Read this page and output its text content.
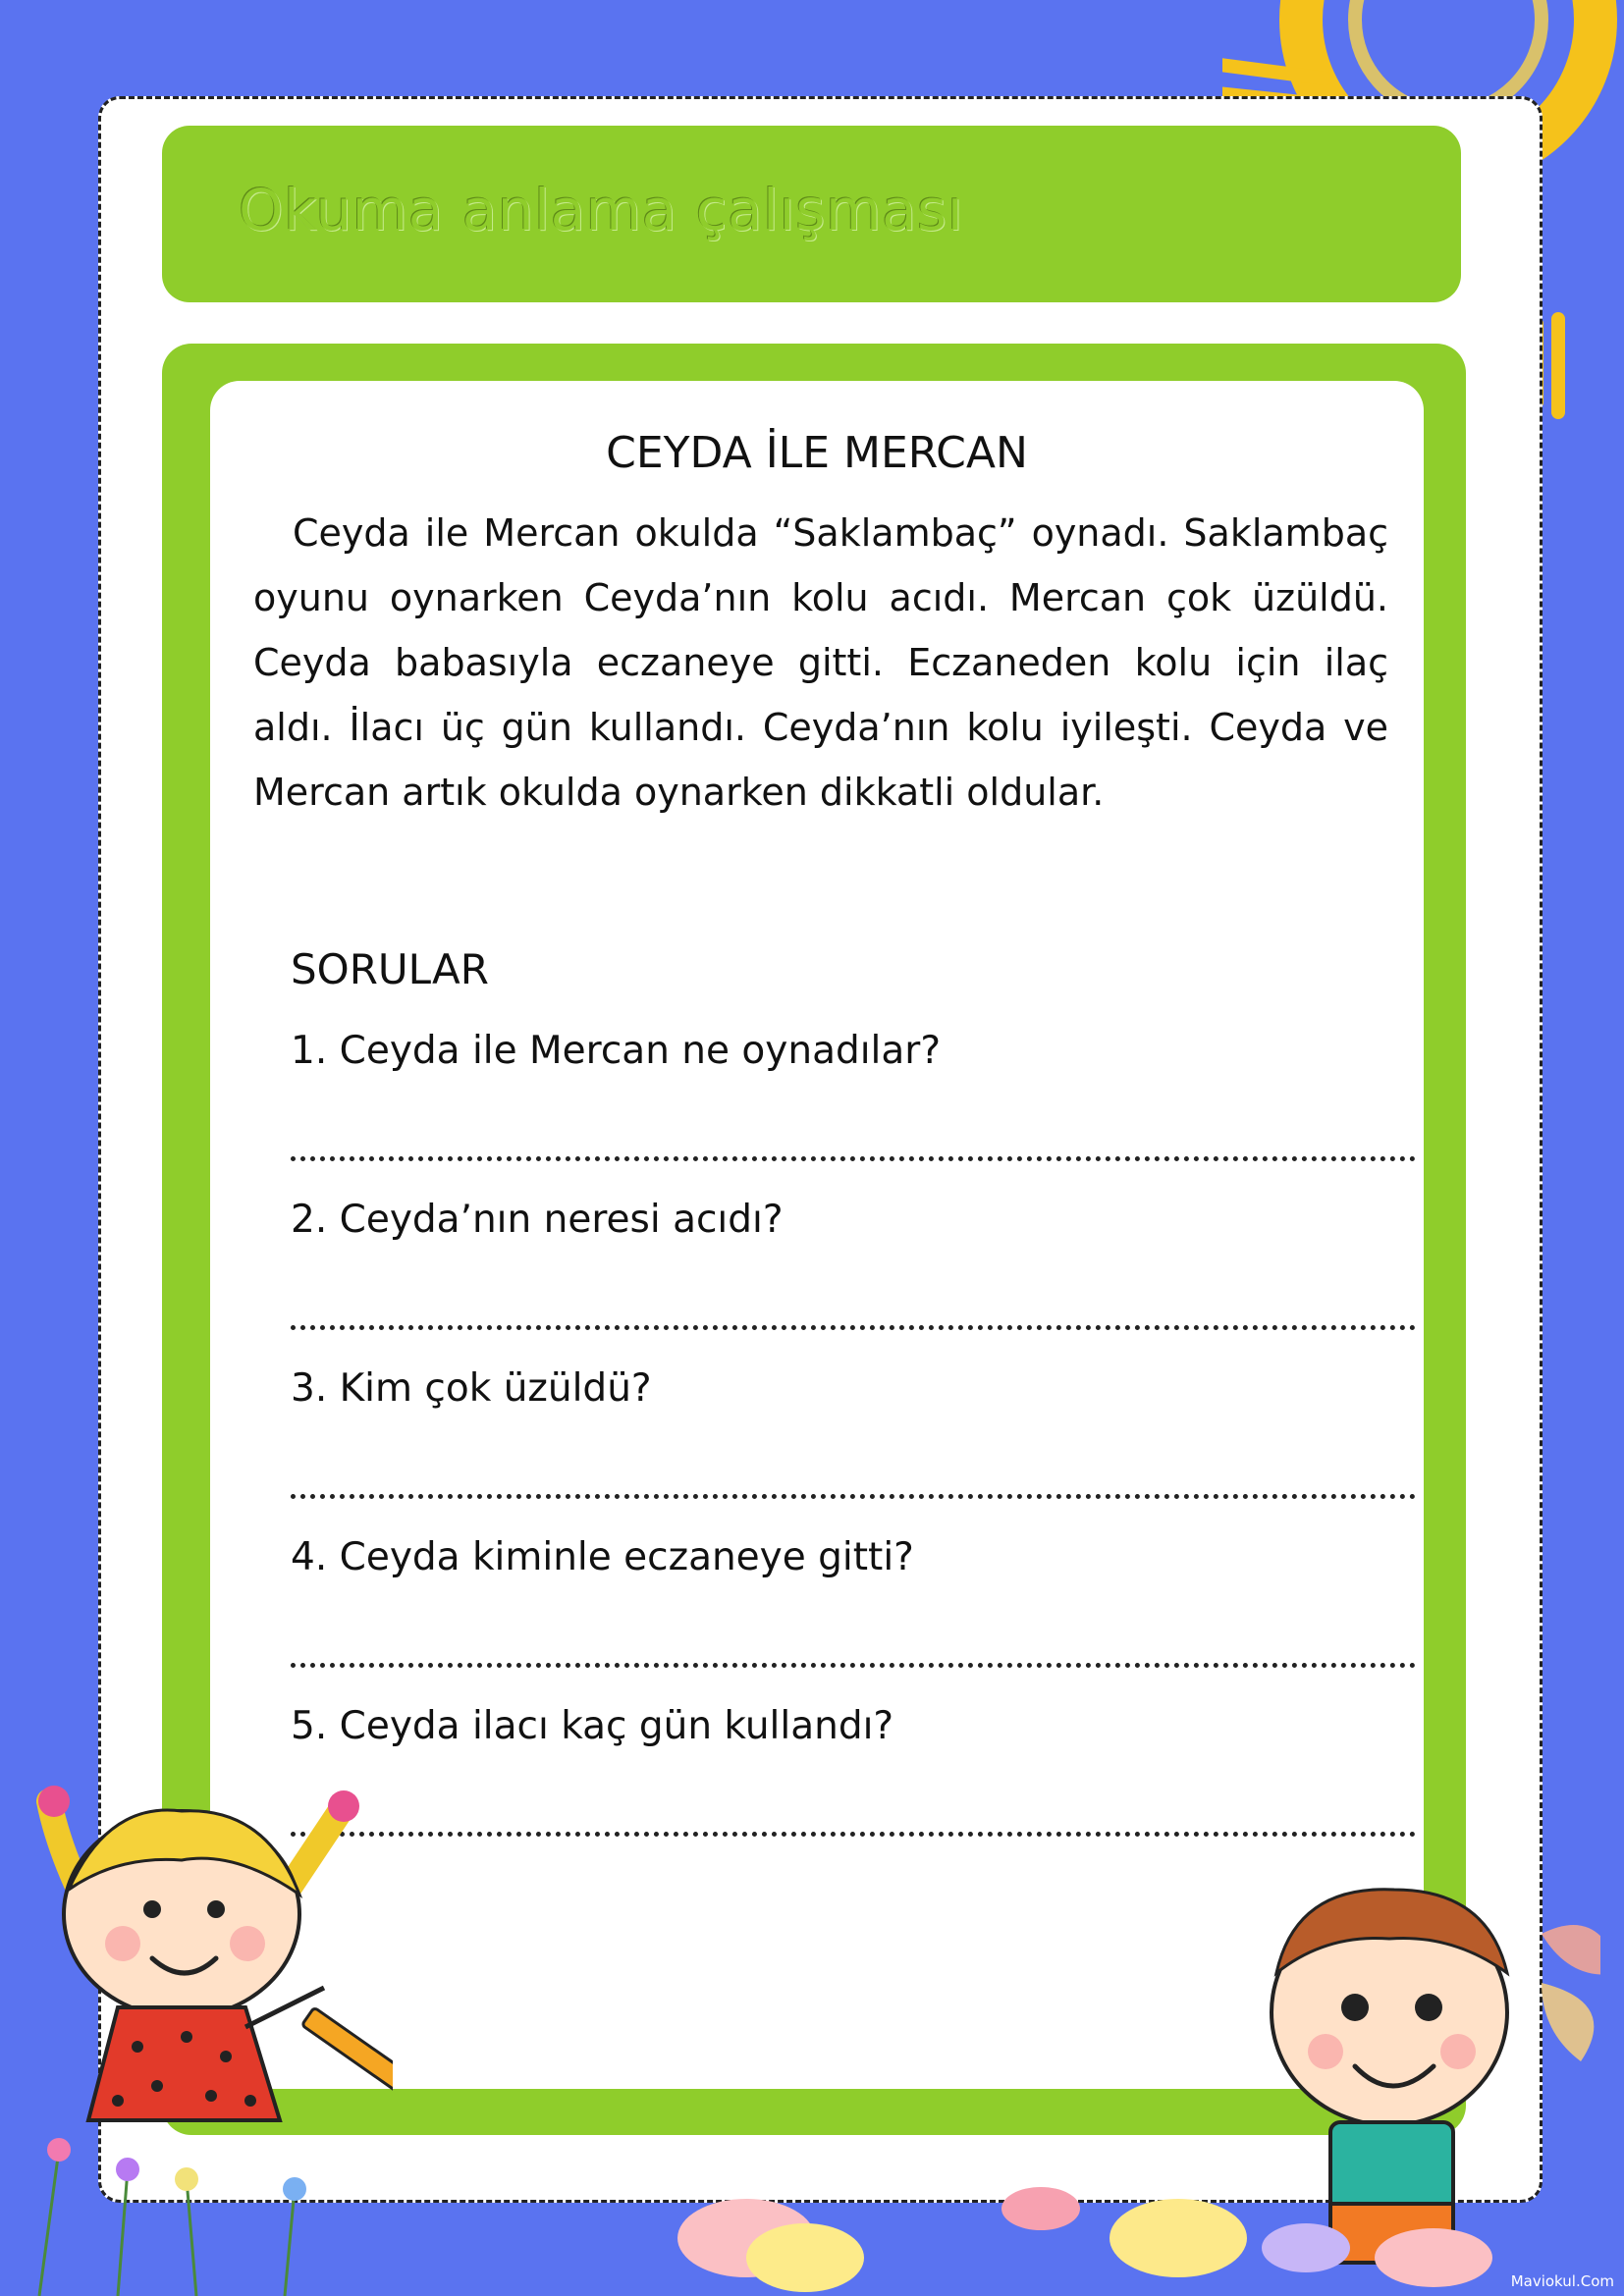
Okuma anlama çalışması
CEYDA İLE MERCAN
Ceyda ile Mercan okulda “Saklambaç” oynadı. Saklambaç oyunu oynarken Ceyda’nın kolu acıdı. Mercan çok üzüldü. Ceyda babasıyla eczaneye gitti. Eczaneden kolu için ilaç aldı. İlacı üç gün kullandı. Ceyda’nın kolu iyileşti. Ceyda ve Mercan artık okulda oynarken dikkatli oldular.
SORULAR
1. Ceyda ile Mercan ne oynadılar?
2. Ceyda’nın neresi acıdı?
3. Kim çok üzüldü?
4. Ceyda kiminle eczaneye gitti?
5. Ceyda ilacı kaç gün kullandı?
Maviokul.Com
